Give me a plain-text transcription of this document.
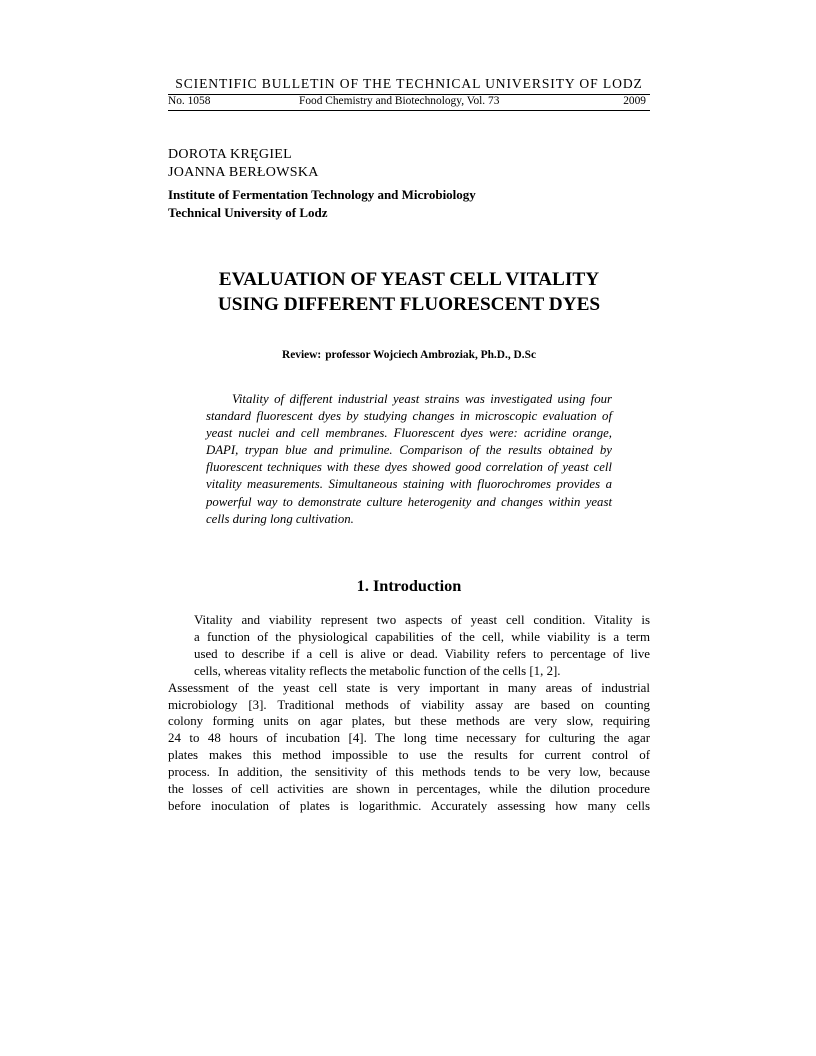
SCIENTIFIC BULLETIN OF THE TECHNICAL UNIVERSITY OF LODZ
No. 1058	Food Chemistry and Biotechnology, Vol. 73	2009
DOROTA KRĘGIEL
JOANNA BERŁOWSKA
Institute of Fermentation Technology and Microbiology
Technical University of Lodz
EVALUATION OF YEAST CELL VITALITY
USING DIFFERENT FLUORESCENT DYES
Review: professor Wojciech Ambroziak, Ph.D., D.Sc

Vitality of different industrial yeast strains was investigated using four standard fluorescent dyes by studying changes in microscopic evaluation of yeast nuclei and cell membranes. Fluorescent dyes were: acridine orange, DAPI, trypan blue and primuline. Comparison of the results obtained by fluorescent techniques with these dyes showed good correlation of yeast cell vitality measurements. Simultaneous staining with fluorochromes provides a powerful way to demonstrate culture heterogenity and changes within yeast cells during long cultivation.

1. Introduction

Vitality and viability represent two aspects of yeast cell condition. Vitality is
a function of the physiological capabilities of the cell, while viability is a term
used to describe if a cell is alive or dead. Viability refers to percentage of live
cells, whereas vitality reflects the metabolic function of the cells [1, 2].

Assessment of the yeast cell state is very important in many areas of industrial
microbiology [3]. Traditional methods of viability assay are based on counting
colony forming units on agar plates, but these methods are very slow, requiring
24 to 48 hours of incubation [4]. The long time necessary for culturing the agar
plates makes this method impossible to use the results for current control of
process. In addition, the sensitivity of this methods tends to be very low, because
the losses of cell activities are shown in percentages, while the dilution procedure
before inoculation of plates is logarithmic. Accurately assessing how many cells
